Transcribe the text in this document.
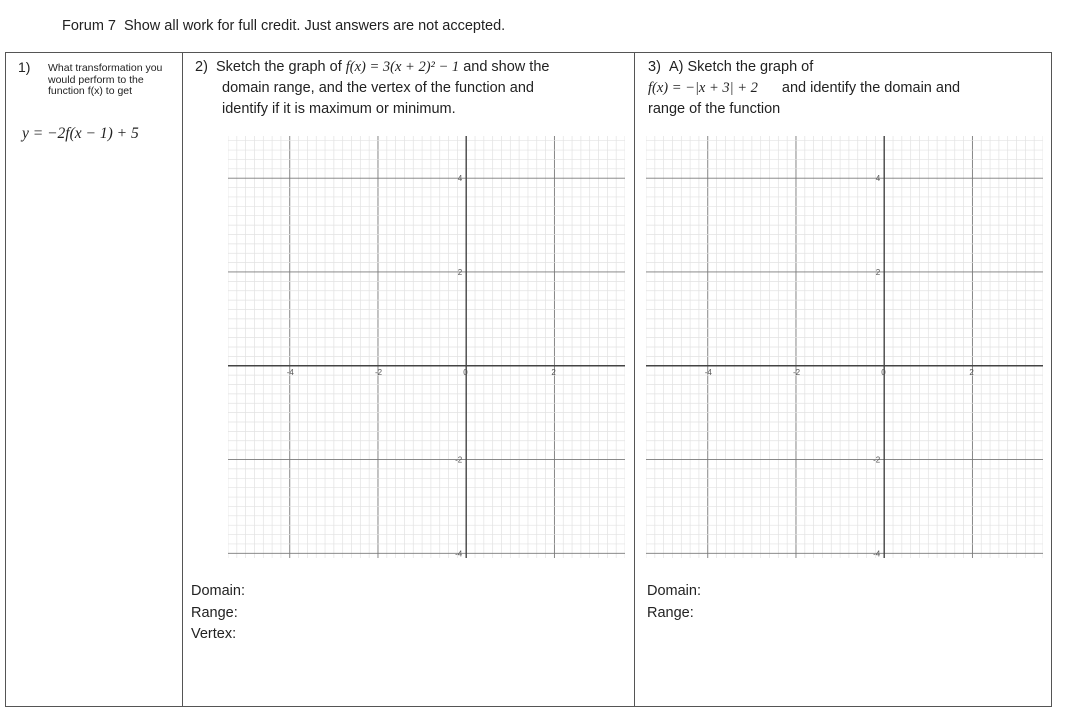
Forum 7 Show all work for full credit. Just answers are not accepted.
1) What transformation you would perform to the function f(x) to get
y = −2f(x − 1) + 5
2) Sketch the graph of f(x) = 3(x + 2)² − 1 and show the
domain range, and the vertex of the function and
identify if it is maximum or minimum.
3) A) Sketch the graph of
f(x) = −|x + 3| + 2 and identify the domain and
range of the function
-4	-2	0	2
4
2
-2
-4
-4	-2	0	2
4
2
-2
-4
Domain:
Range:
Vertex:
Domain:
Range:
